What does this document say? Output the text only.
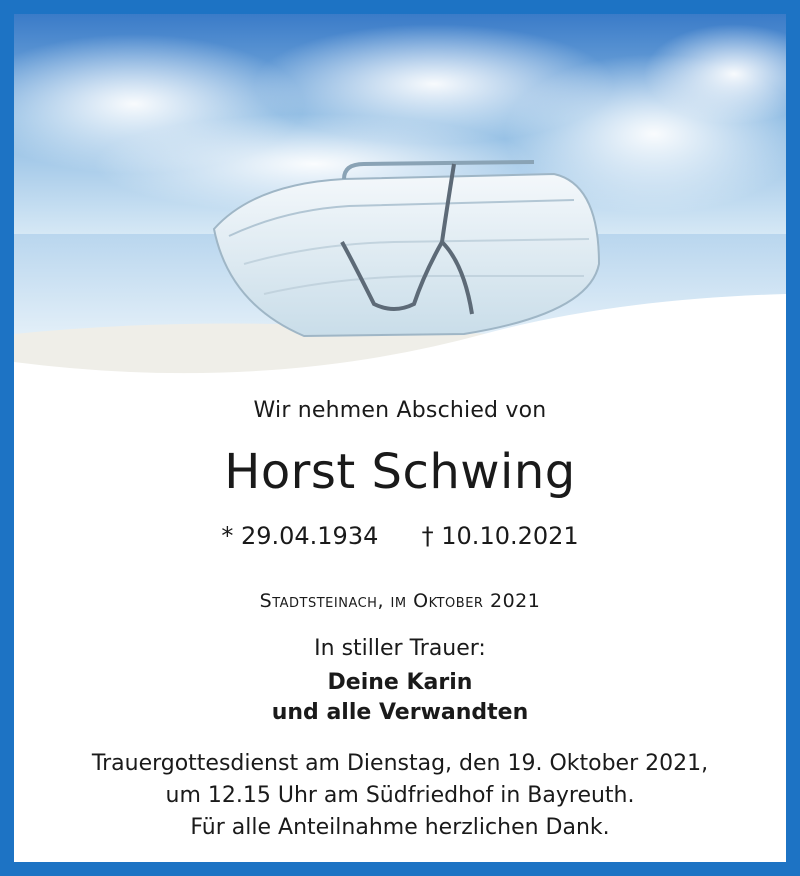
Wir nehmen Abschied von
Horst Schwing
* 29.04.1934 † 10.10.2021
Stadtsteinach, im Oktober 2021
In stiller Trauer:
Deine Karin
und alle Verwandten
Trauergottesdienst am Dienstag, den 19. Oktober 2021,
um 12.15 Uhr am Südfriedhof in Bayreuth.
Für alle Anteilnahme herzlichen Dank.
